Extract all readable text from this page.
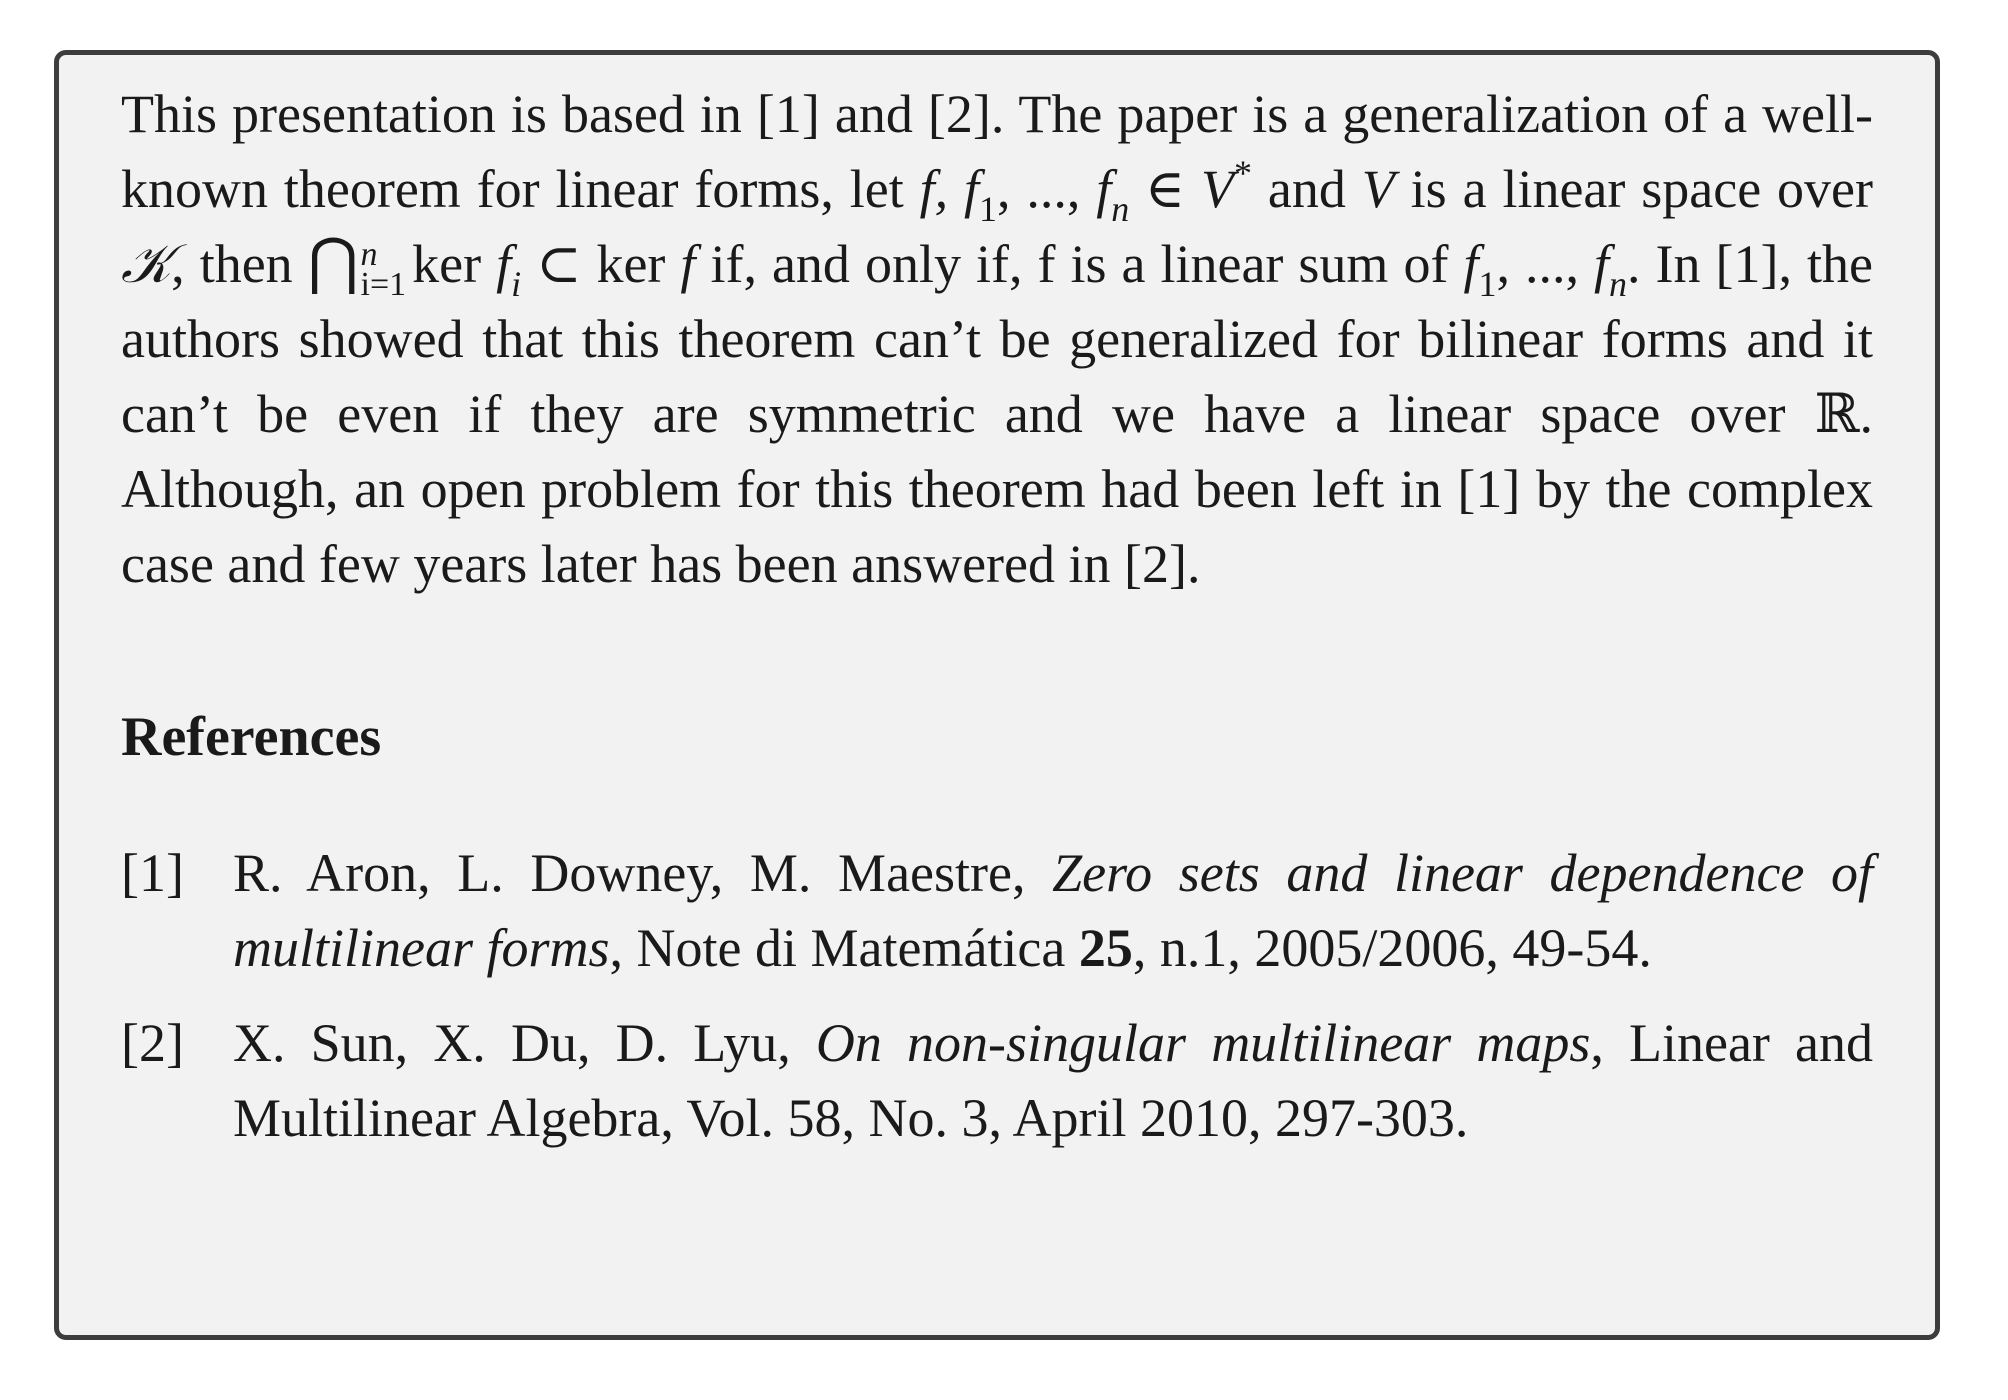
This presentation is based in [1] and [2]. The paper is a generalization of a well-known theorem for linear forms, let f, $f_1$, ..., $f_n$ ∈ V* and V is a linear space over 𝒦, then ⋂n
i=1 ker $f_i$ ⊂ ker f if, and only if, f is a linear sum of $f_1$, ..., $f_n$. In [1], the authors showed that this theorem can’t be generalized for bilinear forms and it can’t be even if they are symmetric and we have a linear space over ℝ. Although, an open problem for this theorem had been left in [1] by the complex case and few years later has been answered in [2].

References
[1] R. Aron, L. Downey, M. Maestre, Zero sets and linear dependence of multilinear forms, Note di Matemática 25, n.1, 2005/2006, 49-54.
[2] X. Sun, X. Du, D. Lyu, On non-singular multilinear maps, Linear and Multilinear Algebra, Vol. 58, No. 3, April 2010, 297-303.
